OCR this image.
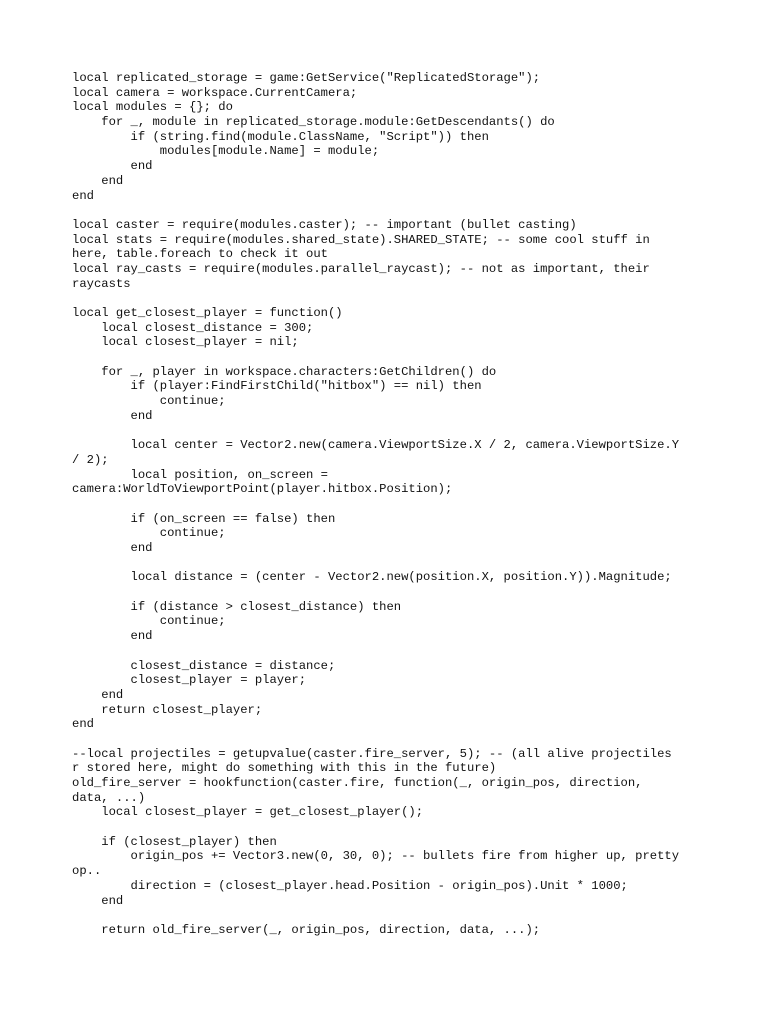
local replicated_storage = game:GetService("ReplicatedStorage");
local camera = workspace.CurrentCamera;
local modules = {}; do
for _, module in replicated_storage.module:GetDescendants() do
if (string.find(module.ClassName, "Script")) then
modules[module.Name] = module;
end
end
end
local caster = require(modules.caster); -- important (bullet casting)
local stats = require(modules.shared_state).SHARED_STATE; -- some cool stuff in
here, table.foreach to check it out
local ray_casts = require(modules.parallel_raycast); -- not as important, their
raycasts
local get_closest_player = function()
local closest_distance = 300;
local closest_player = nil;
for _, player in workspace.characters:GetChildren() do
if (player:FindFirstChild("hitbox") == nil) then
continue;
end
local center = Vector2.new(camera.ViewportSize.X / 2, camera.ViewportSize.Y
/ 2);
local position, on_screen =
camera:WorldToViewportPoint(player.hitbox.Position);
if (on_screen == false) then
continue;
end
local distance = (center - Vector2.new(position.X, position.Y)).Magnitude;
if (distance > closest_distance) then
continue;
end
closest_distance = distance;
closest_player = player;
end
return closest_player;
end
--local projectiles = getupvalue(caster.fire_server, 5); -- (all alive projectiles
r stored here, might do something with this in the future)
old_fire_server = hookfunction(caster.fire, function(_, origin_pos, direction,
data, ...)
local closest_player = get_closest_player();
if (closest_player) then
origin_pos += Vector3.new(0, 30, 0); -- bullets fire from higher up, pretty
op..
direction = (closest_player.head.Position - origin_pos).Unit * 1000;
end
return old_fire_server(_, origin_pos, direction, data, ...);
